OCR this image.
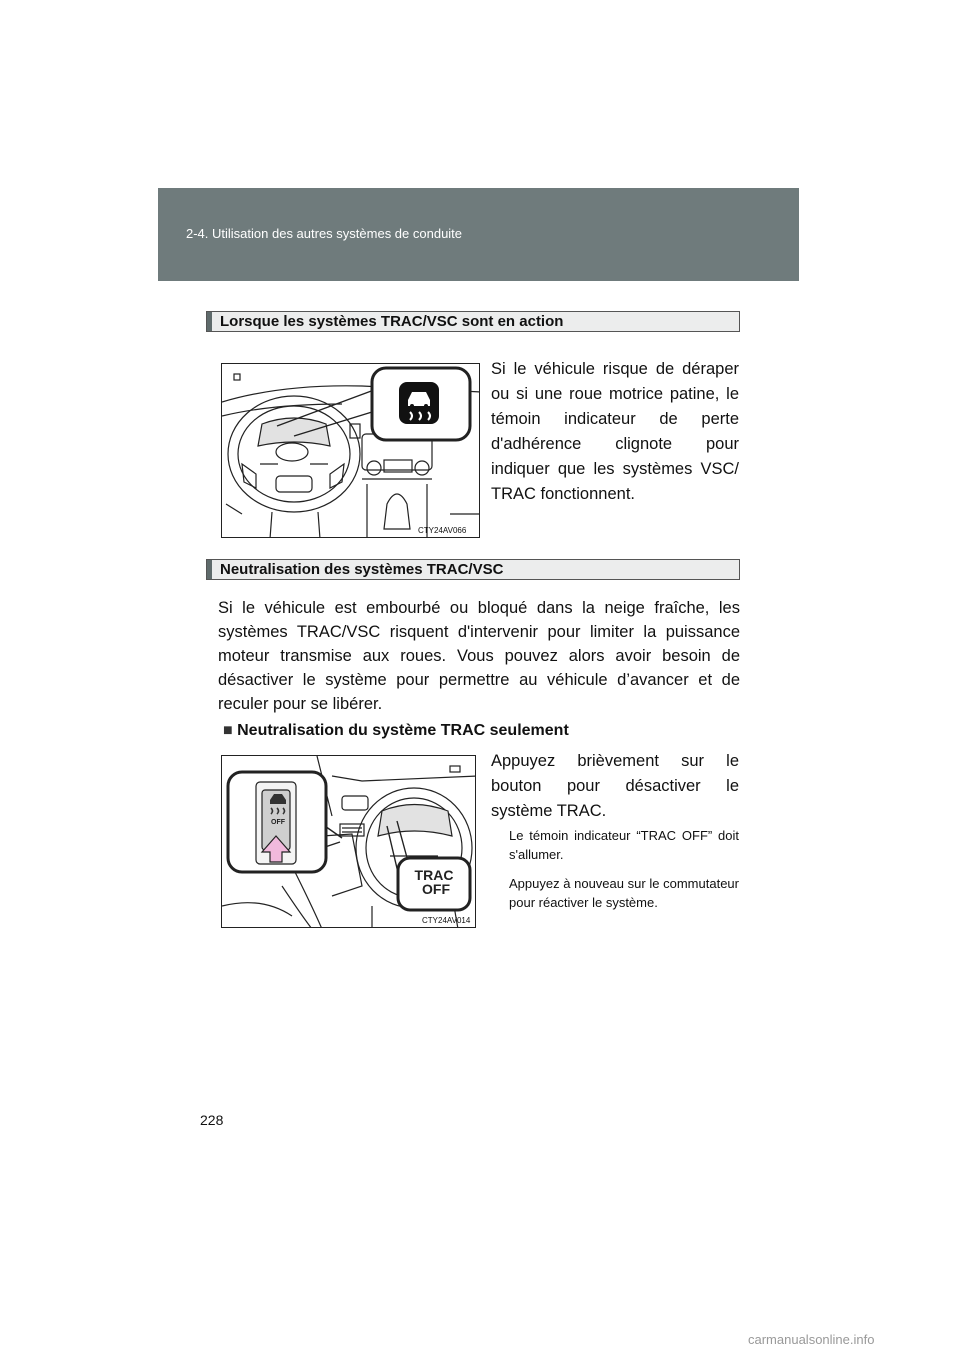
2-4. Utilisation des autres systèmes de conduite
Lorsque les systèmes TRAC/VSC sont en action
CTY24AV066
Si le véhicule risque de déraper ou si une roue motrice patine, le témoin indicateur de perte d'adhérence clignote pour indiquer que les systèmes VSC/ TRAC fonctionnent.
Neutralisation des systèmes TRAC/VSC
Si le véhicule est embourbé ou bloqué dans la neige fraîche, les systèmes TRAC/VSC risquent d'intervenir pour limiter la puissance moteur transmise aux roues. Vous pouvez alors avoir besoin de désactiver le système pour permettre au véhicule d’avancer et de reculer pour se libérer.
■ Neutralisation du système TRAC seulement
OFF
TRAC
OFF
CTY24AV014
Appuyez brièvement sur le bouton pour désactiver le système TRAC.
Le témoin indicateur “TRAC OFF” doit s'allumer.
Appuyez à nouveau sur le commutateur pour réactiver le système.
228
carmanualsonline.info
